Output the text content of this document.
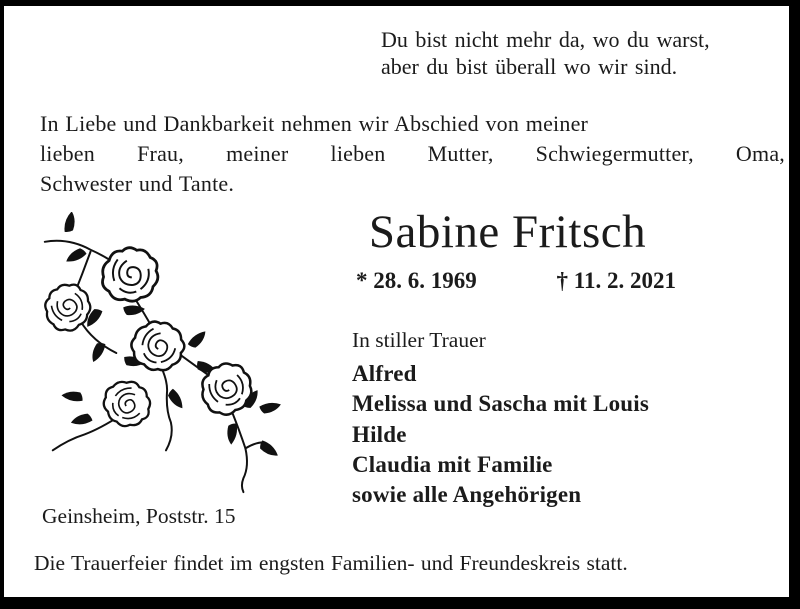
Du bist nicht mehr da, wo du warst,
aber du bist überall wo wir sind.
In Liebe und Dankbarkeit nehmen wir Abschied von meiner
lieben Frau, meiner lieben Mutter, Schwiegermutter, Oma,
Schwester und Tante.
Sabine Fritsch
* 28. 6. 1969	† 11. 2. 2021
In stiller Trauer
Alfred
Melissa und Sascha mit Louis
Hilde
Claudia mit Familie
sowie alle Angehörigen
Geinsheim, Poststr. 15
Die Trauerfeier findet im engsten Familien- und Freundeskreis statt.
